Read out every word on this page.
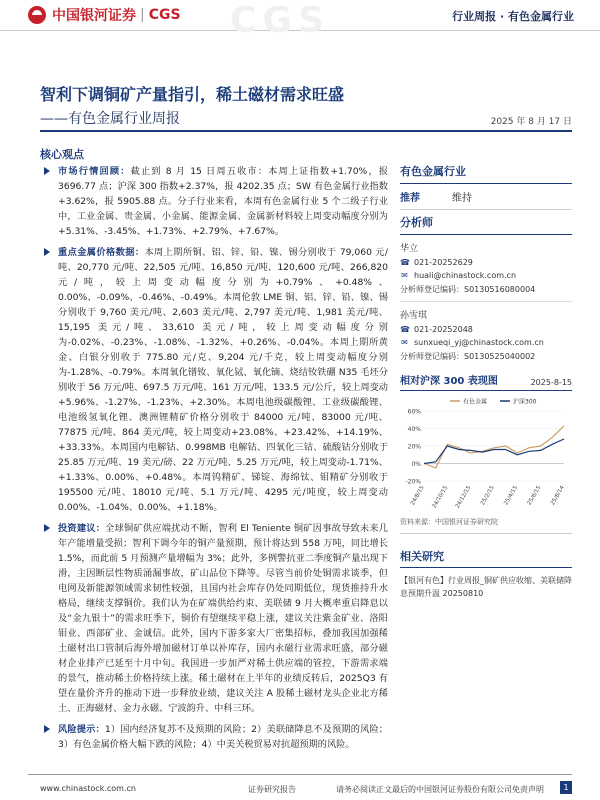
中国银河证券 | CGS CGS	行业周报 · 有色金属行业
智利下调铜矿产量指引，稀土磁材需求旺盛
——有色金属行业周报	2025 年 8 月 17 日
核心观点
市场行情回顾：截止到 8 月 15 日周五收市：本周上证指数+1.70%，报 3696.77 点；沪深 300 指数+2.37%，报 4202.35 点；SW 有色金属行业指数+3.62%，报 5905.88 点。分子行业来看，本周有色金属行业 5 个二级子行业中，工业金属、贵金属、小金属、能源金属、金属新材料较上周变动幅度分别为+5.31%、-3.45%、+1.73%、+2.79%、+7.67%。
重点金属价格数据：本周上期所铜、铝、锌、铅、镍、锡分别收于 79,060 元/吨、20,770 元/吨、22,505 元/吨、16,850 元/吨、120,600 元/吨、266,820 元/吨，较上周变动幅度分别为+0.79%、+0.48%、0.00%、-0.09%、-0.46%、-0.49%。本周伦敦 LME 铜、铝、锌、铅、镍、锡分别收于 9,760 美元/吨、2,603 美元/吨、2,797 美元/吨、1,981 美元/吨、15,195 美元/吨、33,610 美元/吨，较上周变动幅度分别为-0.02%、-0.23%、-1.08%、-1.32%、+0.26%、-0.04%。本周上期所黄金、白银分别收于 775.80 元/克、9,204 元/千克，较上周变动幅度分别为-1.28%、-0.79%。本周氧化镨钕、氧化铽、氧化镝、烧结钕铁硼 N35 毛坯分别收于 56 万元/吨、697.5 万元/吨、161 万元/吨、133.5 元/公斤，较上周变动+5.96%、-1.27%、-1.23%、+2.30%。本周电池级碳酸锂、工业级碳酸锂、电池级氢氧化锂、澳洲锂精矿价格分别收于 84000 元/吨、83000 元/吨、77875 元/吨、864 美元/吨，较上周变动+23.08%、+23.42%、+14.19%、+33.33%。本周国内电解钴、0.998MB 电解钴、四氧化三钴、硫酸钴分别收于 25.85 万元/吨、19 美元/磅、22 万元/吨、5.25 万元/吨，较上周变动-1.71%、+1.33%、0.00%、+0.48%。本周钨精矿、锑锭、海绵钛、钼精矿分别收于 195500 元/吨、18010 元/吨、5.1 万元/吨、4295 元/吨度，较上周变动 0.00%、-1.04%、0.00%、+1.18%。
投资建议：全球铜矿供应端扰动不断，智利 El Teniente 铜矿因事故导致未来几年产能增量受损；智利下调今年的铜产量预期，预计将达到 558 万吨，同比增长 1.5%，而此前 5 月预测产量增幅为 3%；此外，多例警抗亚二季度铜产量出现下滑，主因断层性物质涌漏事故，矿山品位下降等。尽管当前价处铜需求谈季，但电网及新能源领域需求韧性较强，且国内社会库存仍处同期低位，现货推持升水格局，继续支撑铜价。我们认为在矿端供给约束、美联储 9 月大概率重启降息以及“金九银十”的需求旺季下，铜价有望继续平稳上涨，建议关注紫金矿业、洛阳钼业、西部矿业、金诚信。此外，国内下游多家大厂密集招标，叠加我国加强稀土磁材出口管制后海外增加磁材订单以补库存，国内永磁行业需求旺盛，部分磁材企业排产已延至十月中旬。我国进一步加严对稀土供应端的管控，下游需求端的景气，推动稀土价格持续上涨。稀土磁材在上半年的业绩反转后，2025Q3 有望在量价齐升的推动下进一步释放业绩，建议关注 A 股稀土磁材龙头企业北方稀土、正海磁材、金力永磁、宁波韵升、中科三环。
风险提示：1）国内经济复苏不及预期的风险；2）美联储降息不及预期的风险；3）有色金属价格大幅下跌的风险；4）中美关税贸易对抗超预期的风险。
有色金属行业
推荐	维持
分析师
华立
☎ 021-20252629
✉ huali@chinastock.com.cn
分析师登记编码：S0130516080004
孙雪琪
☎ 021-20252048
✉ sunxueqi_yj@chinastock.com.cn
分析师登记编码：S0130525040002
相对沪深 300 表现图	2025-8-15
60%
40%
20%
0%
-20%
24/8/15 24/10/15 24/12/15 25/2/15 25/4/15 25/6/15 25/8/14
有色金属	沪深300
资料来源：中国银河证券研究院
相关研究
【银河有色】行业周报_铜矿供应收缩、美联储降息预期升温 20250810
www.chinastock.com.cn	证券研究报告	请务必阅读正文最后的中国银河证券股份有限公司免责声明	1
